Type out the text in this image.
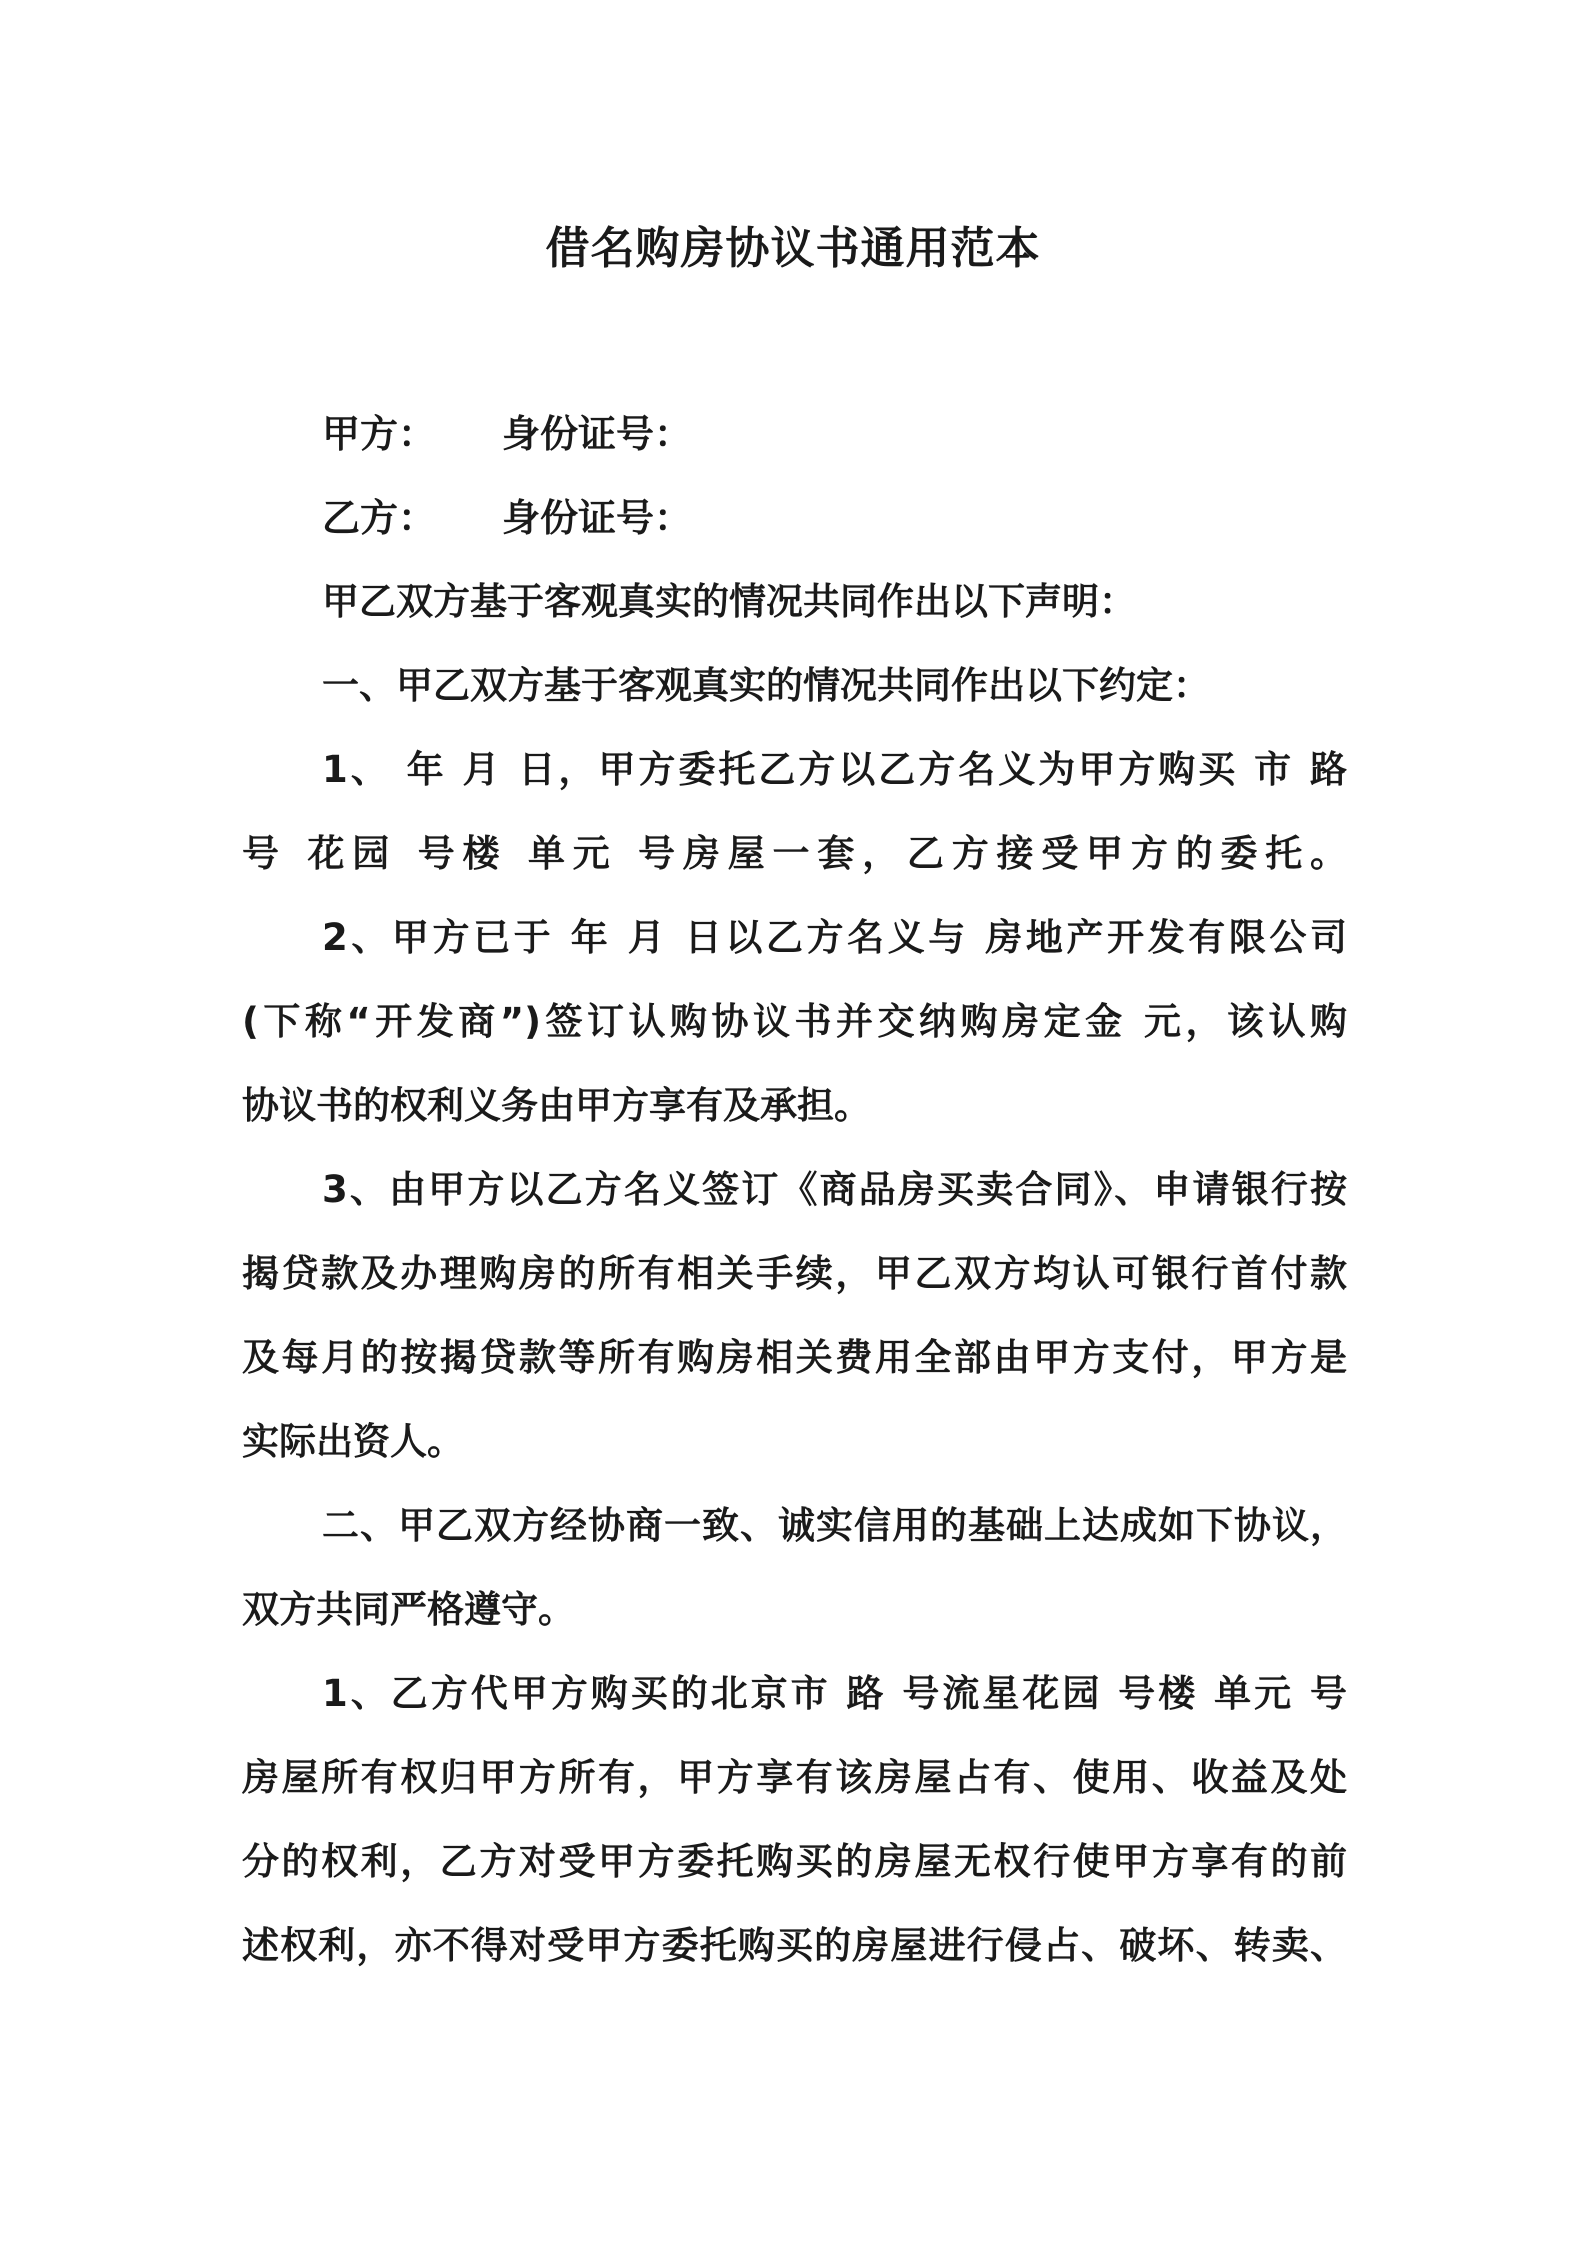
借名购房协议书通用范本
甲方： 身份证号：
乙方： 身份证号：
甲乙双方基于客观真实的情况共同作出以下声明：
一、甲乙双方基于客观真实的情况共同作出以下约定：
1、 年 月 日，甲方委托乙方以乙方名义为甲方购买 市 路
号 花园 号楼 单元 号房屋一套，乙方接受甲方的委托。
2、甲方已于 年 月 日以乙方名义与 房地产开发有限公司
(下称“开发商”)签订认购协议书并交纳购房定金 元，该认购
协议书的权利义务由甲方享有及承担。
3、由甲方以乙方名义签订《商品房买卖合同》、申请银行按
揭贷款及办理购房的所有相关手续，甲乙双方均认可银行首付款
及每月的按揭贷款等所有购房相关费用全部由甲方支付，甲方是
实际出资人。
二、甲乙双方经协商一致、诚实信用的基础上达成如下协议，
双方共同严格遵守。
1、乙方代甲方购买的北京市 路 号流星花园 号楼 单元 号
房屋所有权归甲方所有，甲方享有该房屋占有、使用、收益及处
分的权利，乙方对受甲方委托购买的房屋无权行使甲方享有的前
述权利，亦不得对受甲方委托购买的房屋进行侵占、破坏、转卖、
